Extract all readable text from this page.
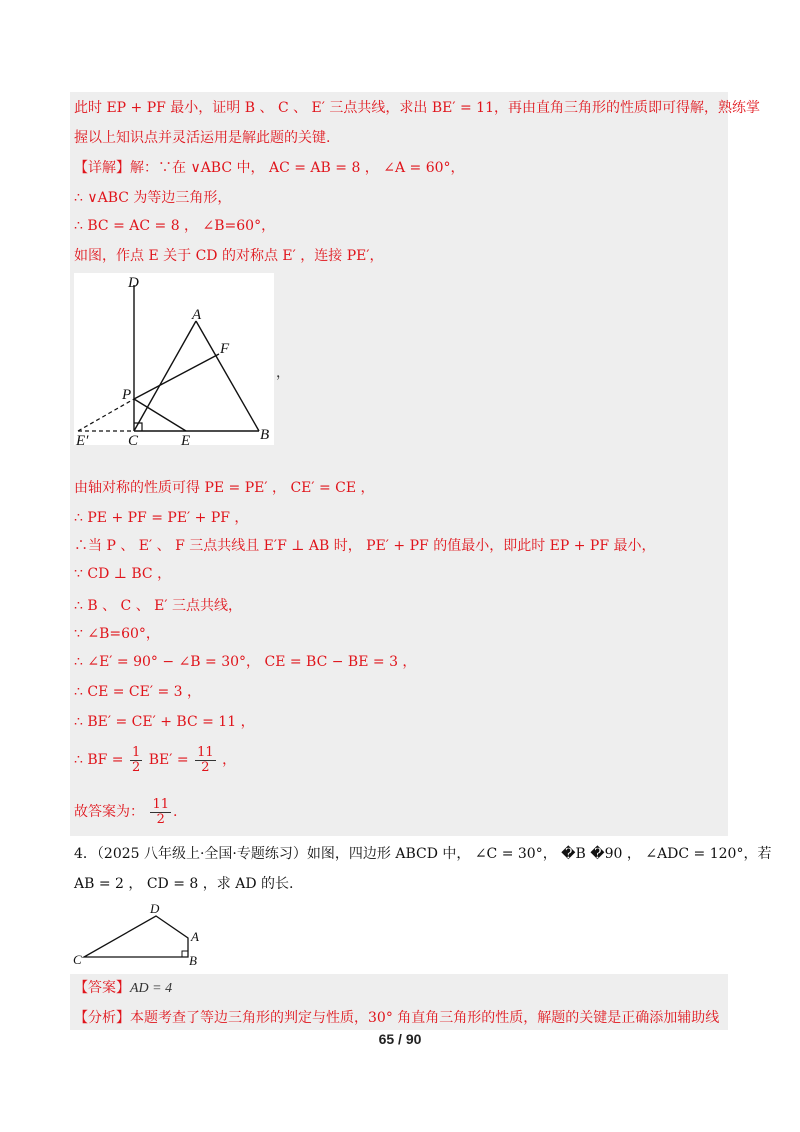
此时 EP + PF 最小，证明 B 、 C 、 E′ 三点共线，求出 BE′ = 11，再由直角三角形的性质即可得解，熟练掌
握以上知识点并灵活运用是解此题的关键.
【详解】解：∵在 ∨ABC 中， AC = AB = 8 ， ∠A = 60°，
∴ ∨ABC 为等边三角形，
∴ BC = AC = 8 ， ∠B=60°，
如图，作点 E 关于 CD 的对称点 E′ ，连接 PE′，
D
A
F
P
E′	C	E	B
，
由轴对称的性质可得 PE = PE′ ， CE′ = CE ，
∴ PE + PF = PE′ + PF ，
∴当 P 、 E′ 、 F 三点共线且 E′F ⊥ AB 时， PE′ + PF 的值最小，即此时 EP + PF 最小，
∵ CD ⊥ BC ，
∴ B 、 C 、 E′ 三点共线，
∵ ∠B=60°，
∴ ∠E′ = 90° − ∠B = 30°， CE = BC − BE = 3 ，
∴ CE = CE′ = 3 ，
∴ BE′ = CE′ + BC = 11 ，
∴ BF = $\frac{1}{2} BE' = \frac{11}{2}$ ，
故答案为： $\frac{11}{2}$ .
4．（2025 八年级上·全国·专题练习）如图，四边形 ABCD 中， ∠C = 30°， �B �90 ， ∠ADC = 120°，若
AB = 2 ， CD = 8 ，求 AD 的长.
D
A
C	B
【答案】AD = 4
【分析】本题考查了等边三角形的判定与性质，30° 角直角三角形的性质，解题的关键是正确添加辅助线
65 / 90
